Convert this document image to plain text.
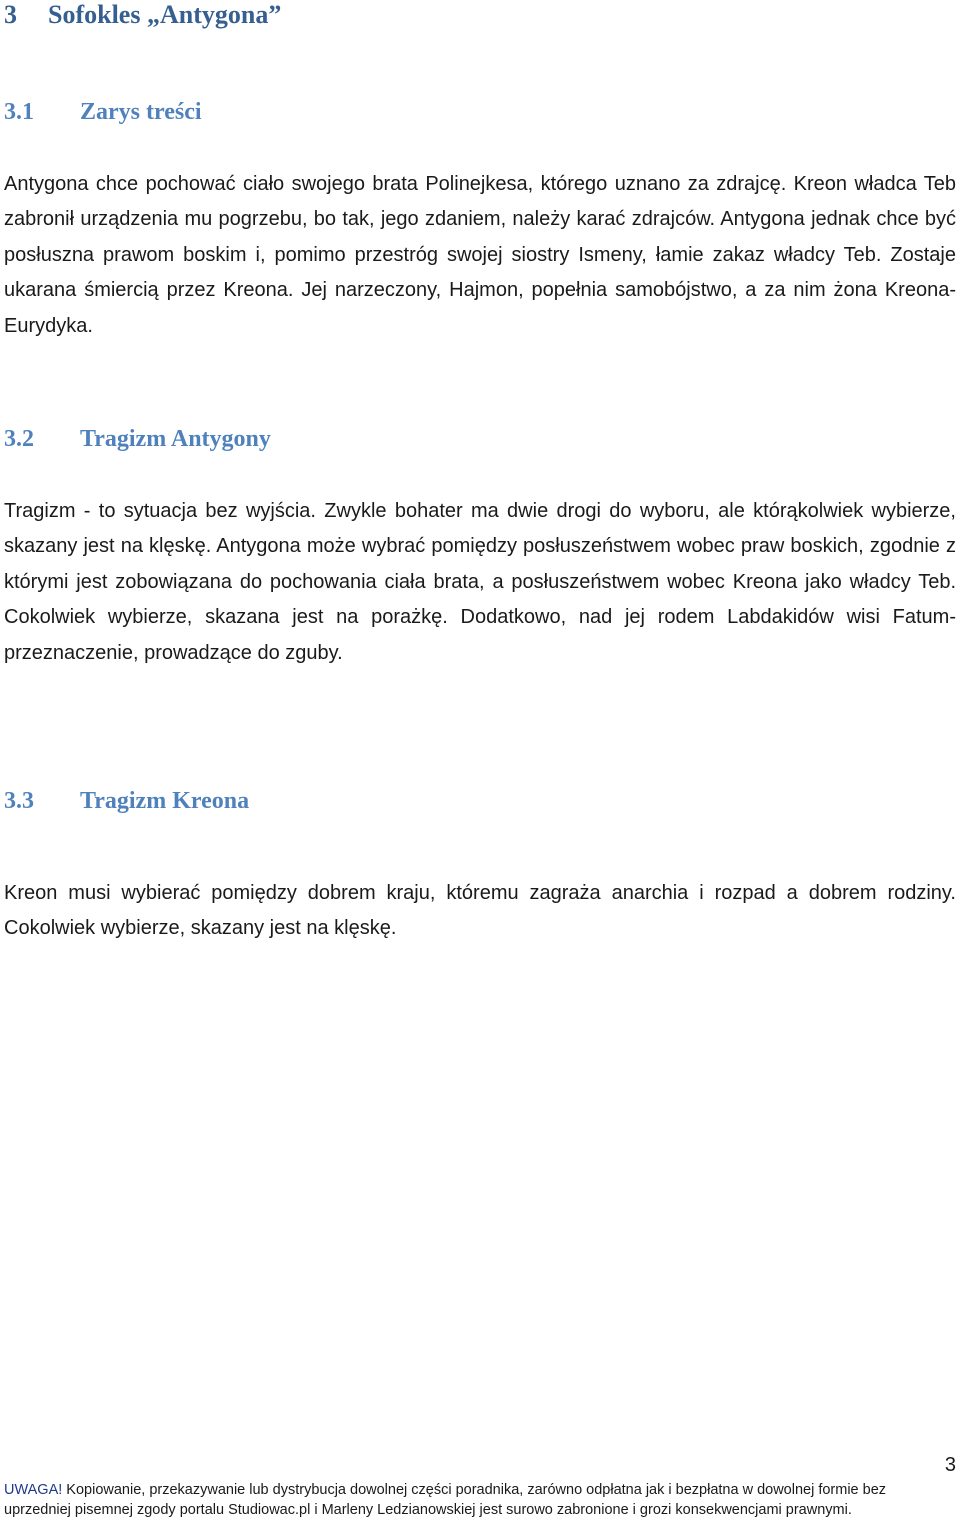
3 Sofokles „Antygona”
3.1 Zarys treści
Antygona chce pochować ciało swojego brata Polinejkesa, którego uznano za zdrajcę. Kreon władca Teb zabronił urządzenia mu pogrzebu, bo tak, jego zdaniem, należy karać zdrajców. Antygona jednak chce być posłuszna prawom boskim i, pomimo przestróg swojej siostry Ismeny, łamie zakaz władcy Teb. Zostaje ukarana śmiercią przez Kreona. Jej narzeczony, Hajmon, popełnia samobójstwo, a za nim żona Kreona-Eurydyka.
3.2 Tragizm Antygony
Tragizm - to sytuacja bez wyjścia. Zwykle bohater ma dwie drogi do wyboru, ale którąkolwiek wybierze, skazany jest na klęskę. Antygona może wybrać pomiędzy posłuszeństwem wobec praw boskich, zgodnie z którymi jest zobowiązana do pochowania ciała brata, a posłuszeństwem wobec Kreona jako władcy Teb. Cokolwiek wybierze, skazana jest na porażkę. Dodatkowo, nad jej rodem Labdakidów wisi Fatum-przeznaczenie, prowadzące do zguby.
3.3 Tragizm Kreona
Kreon musi wybierać pomiędzy dobrem kraju, któremu zagraża anarchia i rozpad a dobrem rodziny. Cokolwiek wybierze, skazany jest na klęskę.
3
UWAGA! Kopiowanie, przekazywanie lub dystrybucja dowolnej części poradnika, zarówno odpłatna jak i bezpłatna w dowolnej formie bez uprzedniej pisemnej zgody portalu Studiowac.pl i Marleny Ledzianowskiej jest surowo zabronione i grozi konsekwencjami prawnymi.
